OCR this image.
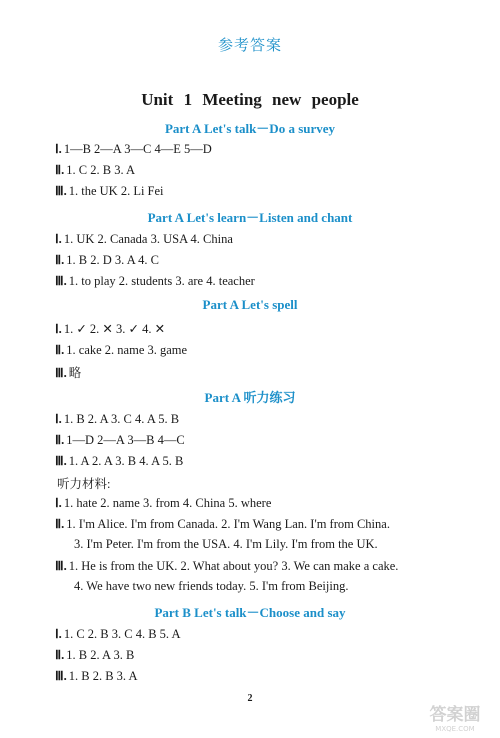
参考答案
Unit 1 Meeting new people
Part A Let's talk－Do a survey
Ⅰ. 1—B 2—A 3—C 4—E 5—D
Ⅱ. 1. C 2. B 3. A
Ⅲ. 1. the UK 2. Li Fei
Part A Let's learn－Listen and chant
Ⅰ. 1. UK 2. Canada 3. USA 4. China
Ⅱ. 1. B 2. D 3. A 4. C
Ⅲ. 1. to play 2. students 3. are 4. teacher
Part A Let's spell
Ⅰ. 1. ✓ 2. ✕ 3. ✓ 4. ✕
Ⅱ. 1. cake 2. name 3. game
Ⅲ. 略
Part A 听力练习
Ⅰ. 1. B 2. A 3. C 4. A 5. B
Ⅱ. 1—D 2—A 3—B 4—C
Ⅲ. 1. A 2. A 3. B 4. A 5. B
听力材料:
Ⅰ. 1. hate 2. name 3. from 4. China 5. where
Ⅱ. 1. I'm Alice. I'm from Canada. 2. I'm Wang Lan. I'm from China.
3. I'm Peter. I'm from the USA. 4. I'm Lily. I'm from the UK.
Ⅲ. 1. He is from the UK. 2. What about you? 3. We can make a cake.
4. We have two new friends today. 5. I'm from Beijing.
Part B Let's talk－Choose and say
Ⅰ. 1. C 2. B 3. C 4. B 5. A
Ⅱ. 1. B 2. A 3. B
Ⅲ. 1. B 2. B 3. A
2
答案圈
MXQE.COM
